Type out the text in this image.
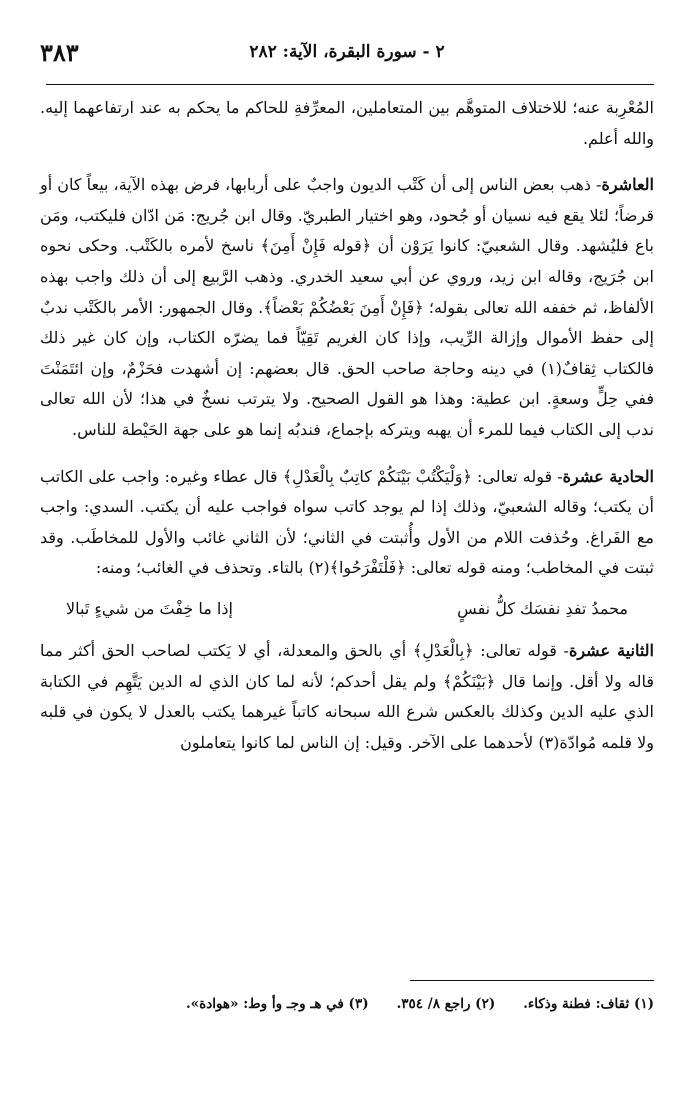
٣٨٣	٢ - سورة البقرة، الآية: ٢٨٢

المُعْرِبة عنه؛ للاختلاف المتوهَّم بين المتعاملين، المعرِّفةِ للحاكم ما يحكم به عند ارتفاعهما إليه. والله أعلم.

العاشرة- ذهب بعض الناس إلى أن كَتْب الديون واجبٌ على أربابها، فرض بهذه الآية، بيعاً كان أو قرضاً؛ لئلا يقع فيه نسيان أو جُحود، وهو اختيار الطبريّ. وقال ابن جُريج: مَن ادّان فليكتب، ومَن باع فليُشهد. وقال الشعبيّ: كانوا يَرَوْن أن ﴿قوله فَإِنْ أَمِنَ﴾ ناسخ لأمره بالكَتْب. وحكى نحوه ابن جُرَيج، وقاله ابن زيد، وروي عن أبي سعيد الخدري. وذهب الرَّبيع إلى أن ذلك واجب بهذه الألفاظ، ثم خففه الله تعالى بقوله؛ ﴿فَإِنْ أَمِنَ بَعْضُكُمْ بَعْضاً﴾. وقال الجمهور: الأمر بالكَتْب ندبٌ إلى حفظ الأموال وإزالة الرِّيب، وإذا كان الغريم تَقِيّاً فما يضرّه الكتاب، وإن كان غير ذلك فالكتاب ثِقافٌ(١) في دينه وحاجة صاحب الحق. قال بعضهم: إن أشهدت فحَزْمٌ، وإن ائتَمَنْتَ ففي حِلٍّ وسعةٍ. ابن عطية: وهذا هو القول الصحيح. ولا يترتب نسخٌ في هذا؛ لأن الله تعالى ندب إلى الكتاب فيما للمرء أن يهبه ويتركه بإجماع، فندبُه إنما هو على جهة الحَيْطة للناس.

الحادية عشرة- قوله تعالى: ﴿وَلْيَكْتُبْ بَيْنَكُمْ كاتِبٌ بِالْعَدْلِ﴾ قال عطاء وغيره: واجب على الكاتب أن يكتب؛ وقاله الشعبيّ، وذلك إذا لم يوجد كاتب سواه فواجب عليه أن يكتب. السدي: واجب مع الفَراغ. وحُذفت اللام من الأول وأُثبتت في الثاني؛ لأن الثاني غائب والأول للمخاطَب. وقد ثبتت في المخاطب؛ ومنه قوله تعالى: ﴿فَلْتَفْرَحُوا﴾(٢) بالتاء. وتحذف في الغائب؛ ومنه:

محمدُ تفدِ نفسَك كلُّ نفسٍ
إذا ما خِفْتَ من شيءٍ تَبالا

الثانية عشرة- قوله تعالى: ﴿بِالْعَدْلِ﴾ أي بالحق والمعدلة، أي لا يَكتب لصاحب الحق أكثر مما قاله ولا أقل. وإنما قال ﴿بَيْنَكُمْ﴾ ولم يقل أحدكم؛ لأنه لما كان الذي له الدين يَتَّهِم في الكتابة الذي عليه الدين وكذلك بالعكس شرع الله سبحانه كاتباً غيرهما يكتب بالعدل لا يكون في قلبه ولا قلمه مُوادّة(٣) لأحدهما على الآخر. وقيل: إن الناس لما كانوا يتعاملون

(١) ثقاف: فطنة وذكاء.
(٢) راجع ٨/ ٣٥٤.
(٣) في هـ وجـ وأ وط: «هوادة».
